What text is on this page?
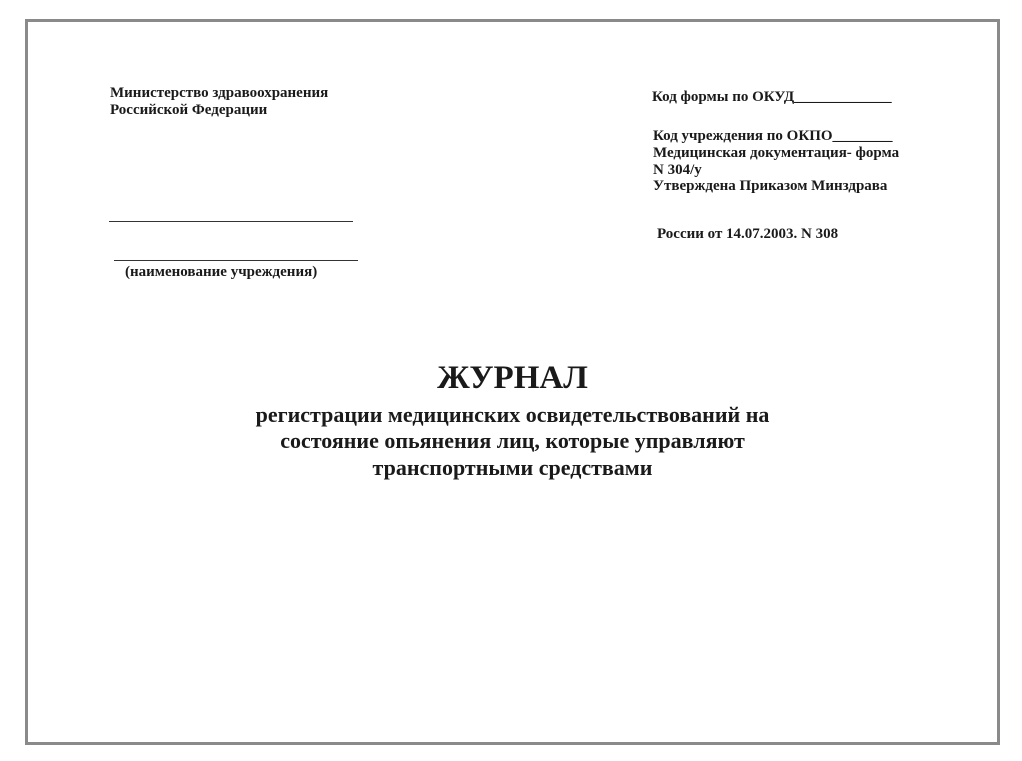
Министерство здравоохранения
Российской Федерации
(наименование учреждения)
Код формы по ОКУД_____________
Код учреждения по ОКПО________
Медицинская документация- форма
N 304/у
Утверждена Приказом Минздрава
России от 14.07.2003. N 308
ЖУРНАЛ
регистрации медицинских освидетельствований на
состояние опьянения лиц, которые управляют
транспортными средствами
